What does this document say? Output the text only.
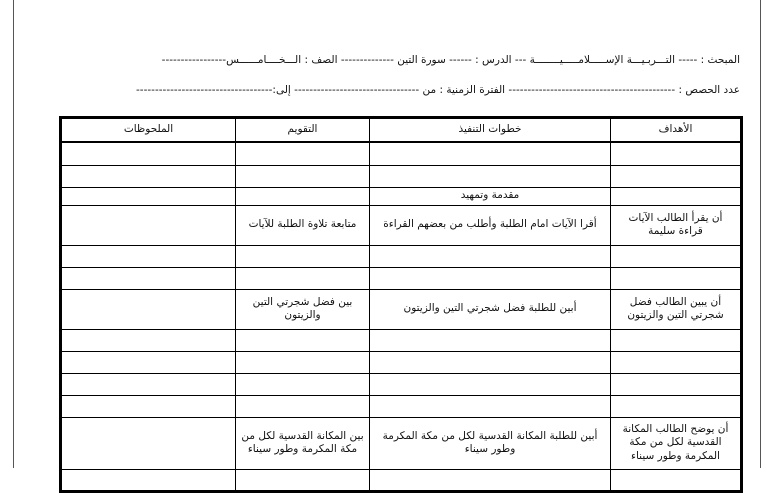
المبحث : ----- التـــربـيـــة الإســـــلامـــــيــــــــة --- الدرس : ------ سورة التين -------------- الصف : الـــخــــامــــــس-----------------
عدد الحصص : -------------------------------------------- الفترة الزمنية : من --------------------------------- إلى:------------------------------------
الأهداف	خطوات التنفيذ	التقويم	الملحوظات

	مقدمة وتمهيد		
أن يقرأ الطالب الآيات قراءة سليمة	أقرا الآيات امام الطلبة وأطلب من بعضهم القراءة	متابعة تلاوة الطلبة للآيات	

أن يبين الطالب فضل شجرتي التين والزيتون	أبين للطلبة فضل شجرتي التين والزيتون	بين فضل شجرتي التين والزيتون	

أن يوضح الطالب المكانة القدسية لكل من مكة المكرمة وطور سيناء	أبين للطلبة المكانة القدسية لكل من مكة المكرمة وطور سيناء	بين المكانة القدسية لكل من مكة المكرمة وطور سيناء	
